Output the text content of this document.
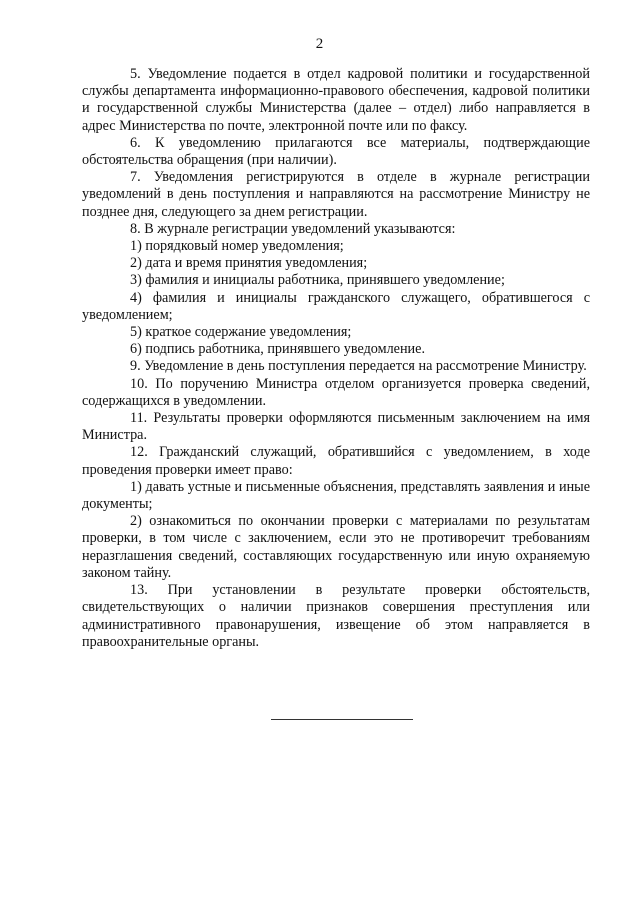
2

5. Уведомление подается в отдел кадровой политики и государственной службы департамента информационно-правового обеспечения, кадровой политики и государственной службы Министерства (далее – отдел) либо направляется в адрес Министерства по почте, электронной почте или по факсу.

6. К уведомлению прилагаются все материалы, подтверждающие обстоятельства обращения (при наличии).

7. Уведомления регистрируются в отделе в журнале регистрации уведомлений в день поступления и направляются на рассмотрение Министру не позднее дня, следующего за днем регистрации.

8. В журнале регистрации уведомлений указываются:

1) порядковый номер уведомления;

2) дата и время принятия уведомления;

3) фамилия и инициалы работника, принявшего уведомление;

4) фамилия и инициалы гражданского служащего, обратившегося с уведомлением;

5) краткое содержание уведомления;

6) подпись работника, принявшего уведомление.

9. Уведомление в день поступления передается на рассмотрение Министру.

10. По поручению Министра отделом организуется проверка сведений, содержащихся в уведомлении.

11. Результаты проверки оформляются письменным заключением на имя Министра.

12. Гражданский служащий, обратившийся с уведомлением, в ходе проведения проверки имеет право:

1) давать устные и письменные объяснения, представлять заявления и иные документы;

2) ознакомиться по окончании проверки с материалами по результатам проверки, в том числе с заключением, если это не противоречит требованиям неразглашения сведений, составляющих государственную или иную охраняемую законом тайну.

13. При установлении в результате проверки обстоятельств, свидетельствующих о наличии признаков совершения преступления или административного правонарушения, извещение об этом направляется в правоохранительные органы.
